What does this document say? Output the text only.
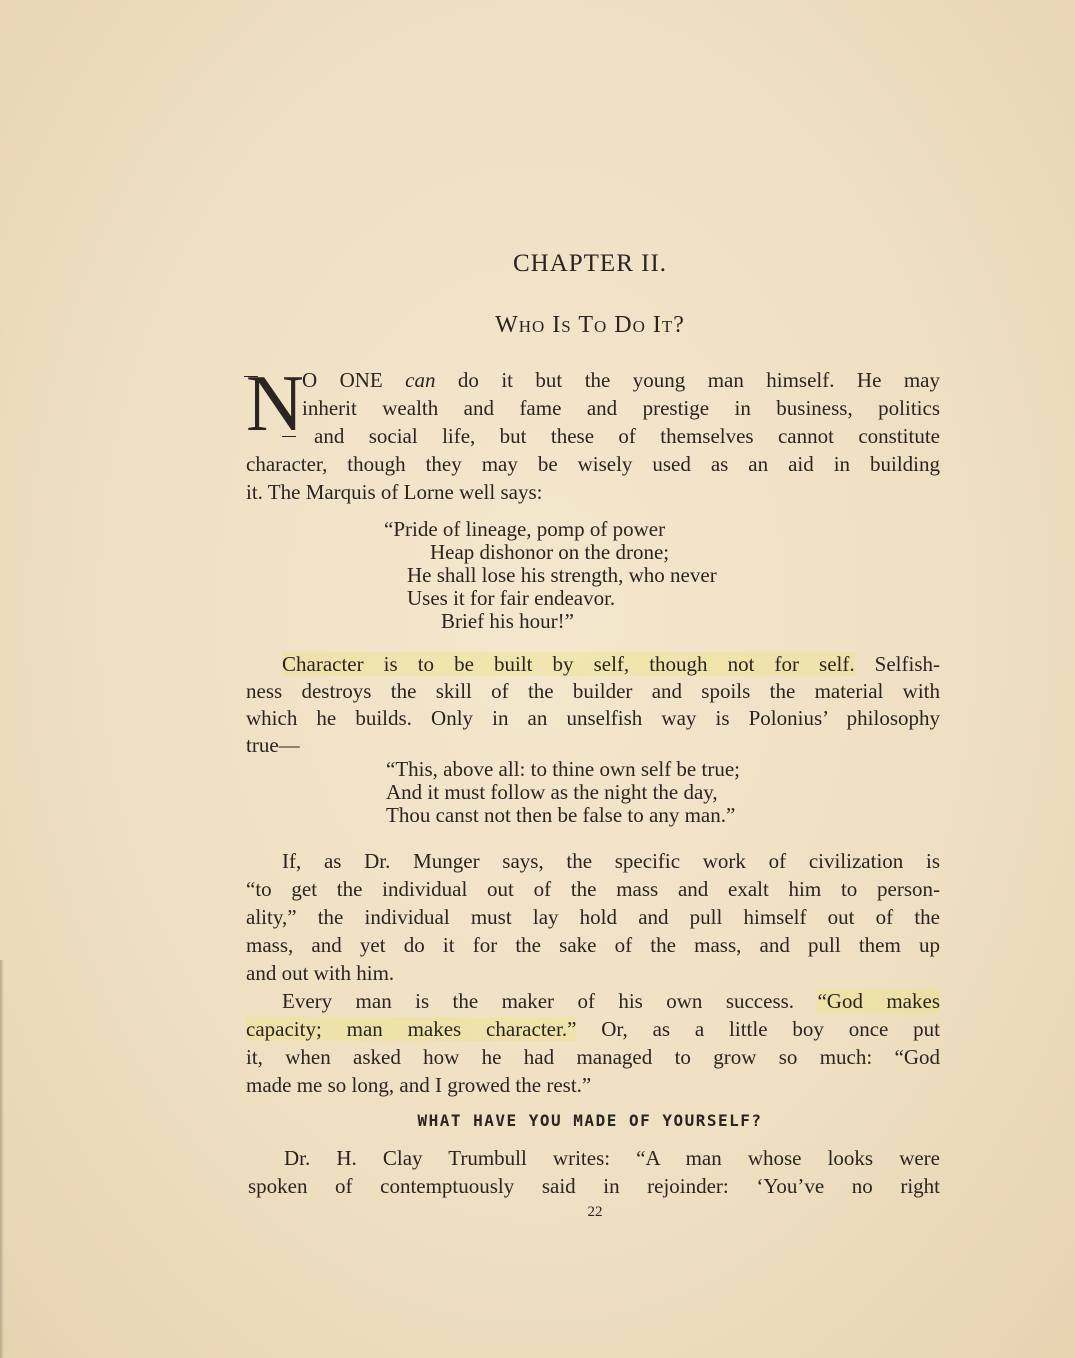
CHAPTER II.
Who Is To Do It?
N
O ONE can do it but the young man himself. He may
inherit wealth and fame and prestige in business, politics
and social life, but these of themselves cannot constitute
character, though they may be wisely used as an aid in building
it. The Marquis of Lorne well says:
“Pride of lineage, pomp of power
Heap dishonor on the drone;
He shall lose his strength, who never
Uses it for fair endeavor.
Brief his hour!”
Character is to be built by self, though not for self. Selfish-
ness destroys the skill of the builder and spoils the material with
which he builds. Only in an unselfish way is Polonius’ philosophy
true—
“This, above all: to thine own self be true;
And it must follow as the night the day,
Thou canst not then be false to any man.”
If, as Dr. Munger says, the specific work of civilization is
“to get the individual out of the mass and exalt him to person-
ality,” the individual must lay hold and pull himself out of the
mass, and yet do it for the sake of the mass, and pull them up
and out with him.
Every man is the maker of his own success. “God makes
capacity; man makes character.” Or, as a little boy once put
it, when asked how he had managed to grow so much: “God
made me so long, and I growed the rest.”
WHAT HAVE YOU MADE OF YOURSELF?
Dr. H. Clay Trumbull writes: “A man whose looks were
spoken of contemptuously said in rejoinder: ‘You’ve no right
22
